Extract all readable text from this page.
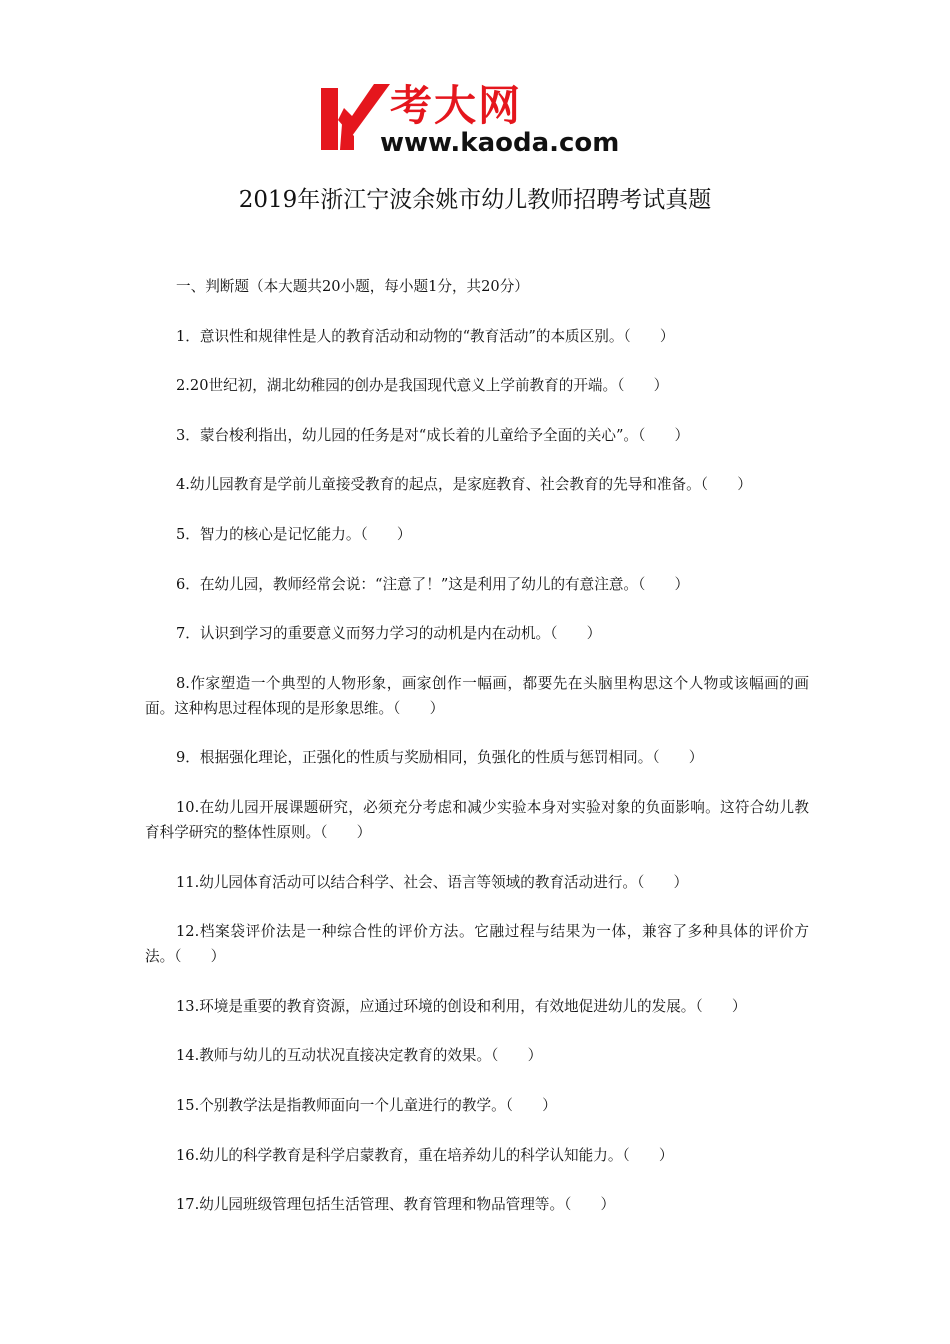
考大网
www.kaoda.com
2019年浙江宁波余姚市幼儿教师招聘考试真题

一、判断题（本大题共20小题，每小题1分，共20分）

1．意识性和规律性是人的教育活动和动物的“教育活动”的本质区别。（　　）

2.20世纪初，湖北幼稚园的创办是我国现代意义上学前教育的开端。（　　）

3．蒙台梭利指出，幼儿园的任务是对“成长着的儿童给予全面的关心”。（　　）

4.幼儿园教育是学前儿童接受教育的起点，是家庭教育、社会教育的先导和准备。（　　）

5．智力的核心是记忆能力。（　　）

6．在幼儿园，教师经常会说：“注意了！”这是利用了幼儿的有意注意。（　　）

7．认识到学习的重要意义而努力学习的动机是内在动机。（　　）

8.作家塑造一个典型的人物形象，画家创作一幅画，都要先在头脑里构思这个人物或该幅画的画面。这种构思过程体现的是形象思维。（　　）

9．根据强化理论，正强化的性质与奖励相同，负强化的性质与惩罚相同。（　　）

10.在幼儿园开展课题研究，必须充分考虑和减少实验本身对实验对象的负面影响。这符合幼儿教育科学研究的整体性原则。（　　）

11.幼儿园体育活动可以结合科学、社会、语言等领域的教育活动进行。（　　）

12.档案袋评价法是一种综合性的评价方法。它融过程与结果为一体，兼容了多种具体的评价方法。（　　）

13.环境是重要的教育资源，应通过环境的创设和利用，有效地促进幼儿的发展。（　　）

14.教师与幼儿的互动状况直接决定教育的效果。（　　）

15.个别教学法是指教师面向一个儿童进行的教学。（　　）

16.幼儿的科学教育是科学启蒙教育，重在培养幼儿的科学认知能力。（　　）

17.幼儿园班级管理包括生活管理、教育管理和物品管理等。（　　）
